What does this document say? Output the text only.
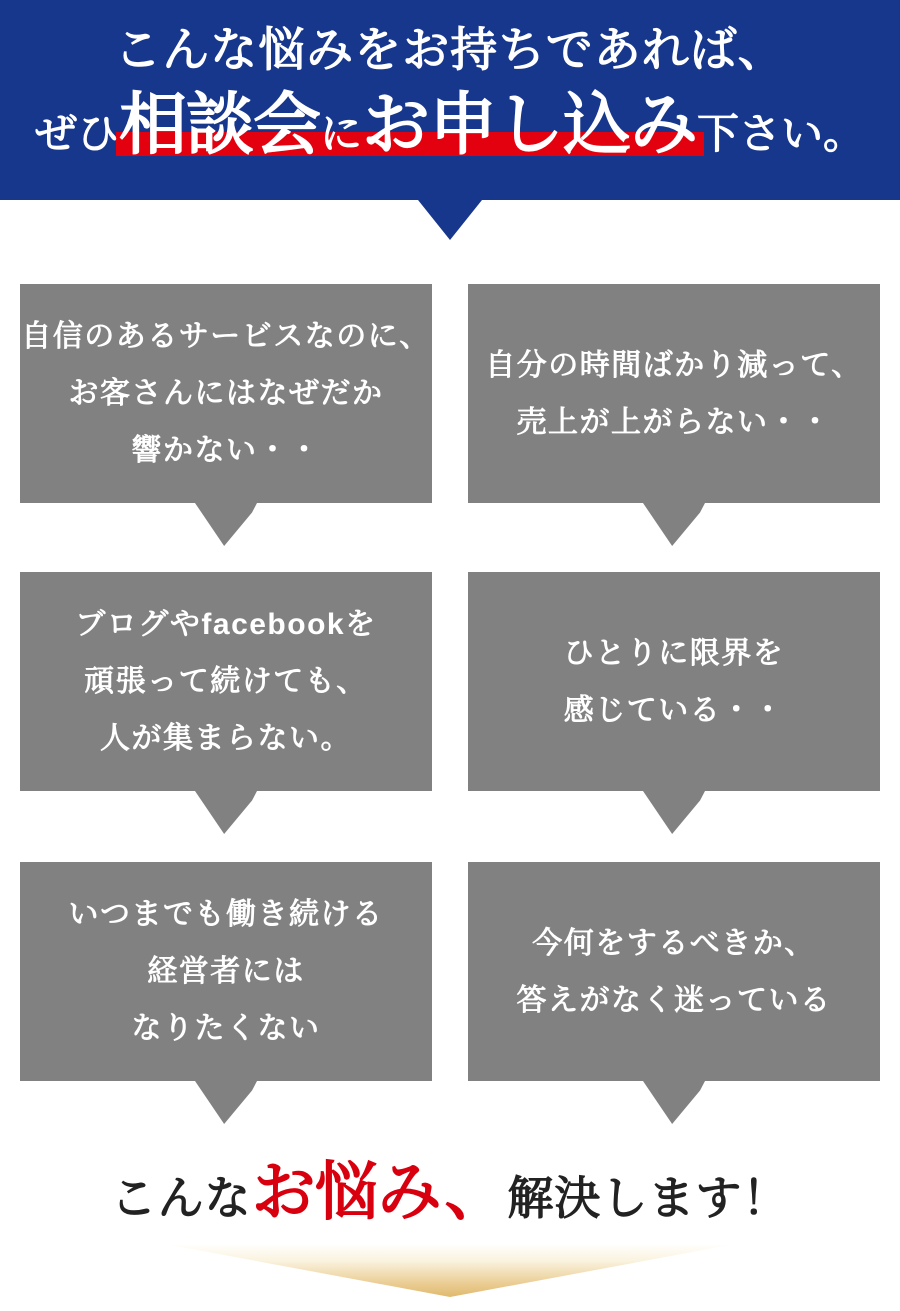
こんな悩みをお持ちであれば、
ぜひ 相談会 に お申し込み 下さい。
自信のあるサービスなのに、
お客さんにはなぜだか
響かない・・
自分の時間ばかり減って、
売上が上がらない・・
ブログやfacebookを
頑張って続けても、
人が集まらない。
ひとりに限界を
感じている・・
いつまでも働き続ける
経営者には
なりたくない
今何をするべきか、
答えがなく迷っている
こんな お悩み、 解決します！
